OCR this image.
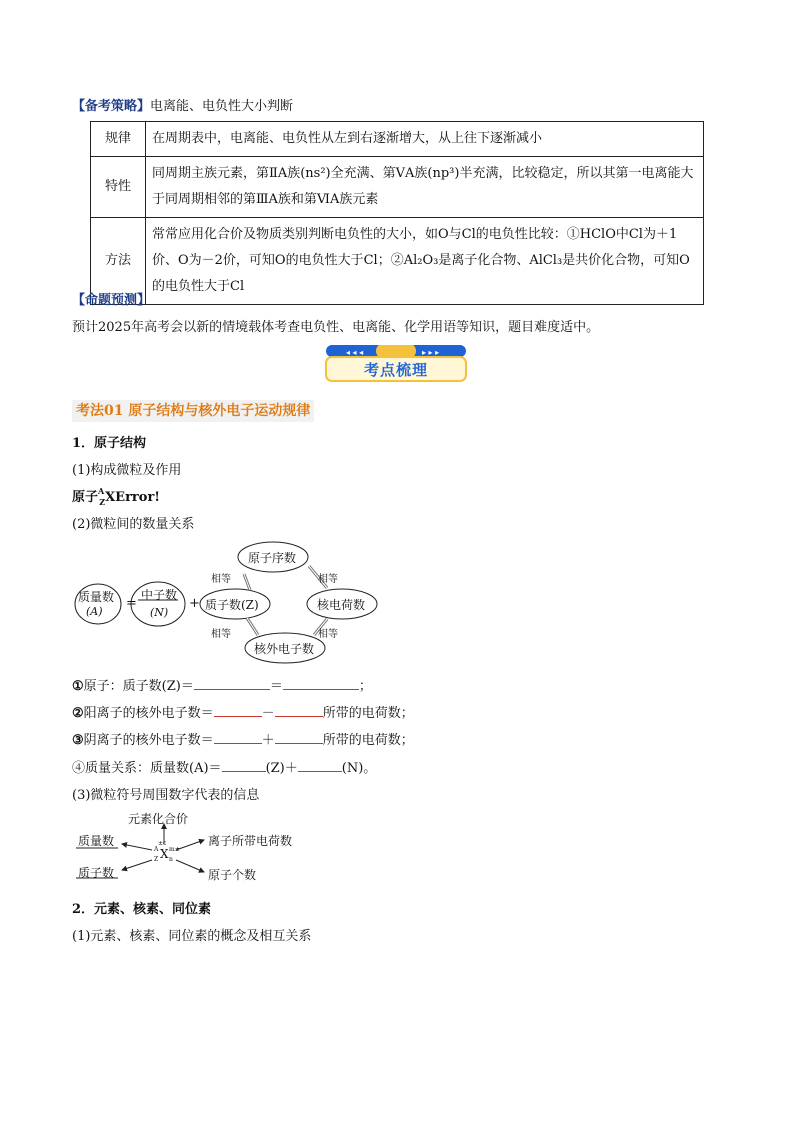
【备考策略】电离能、电负性大小判断
规律	在周期表中，电离能、电负性从左到右逐渐增大，从上往下逐渐减小
特性	同周期主族元素，第ⅡA族(ns²)全充满、第ⅤA族(np³)半充满，比较稳定，所以其第一电离能大于同周期相邻的第ⅢA族和第ⅥA族元素
方法	常常应用化合价及物质类别判断电负性的大小，如O与Cl的电负性比较：①HClO中Cl为＋1价、O为－2价，可知O的电负性大于Cl；②Al₂O₃是离子化合物、AlCl₃是共价化合物，可知O的电负性大于Cl
【命题预测】
预计2025年高考会以新的情境载体考查电负性、电离能、化学用语等知识，题目难度适中。
◂ ◂ ◂	▸ ▸ ▸
考点梳理
考法01 原子结构与核外电子运动规律
1．原子结构
(1)构成微粒及作用
原子$^A_Z$XError!
(2)微粒间的数量关系
质量数
(A)
=
中子数
(N)
+ 质子数(Z)
原子序数
核电荷数
核外电子数
相等	相等
相等	相等
①原子：质子数(Z)＝	＝	；
②阳离子的核外电子数＝	－	所带的电荷数；
③阴离子的核外电子数＝	＋	所带的电荷数；
④质量关系：质量数(A)＝	(Z)＋	(N)。
(3)微粒符号周围数字代表的信息
元素化合价
质量数
质子数
离子所带电荷数
原子个数
±c
A
Z X m±
n
2．元素、核素、同位素
(1)元素、核素、同位素的概念及相互关系
